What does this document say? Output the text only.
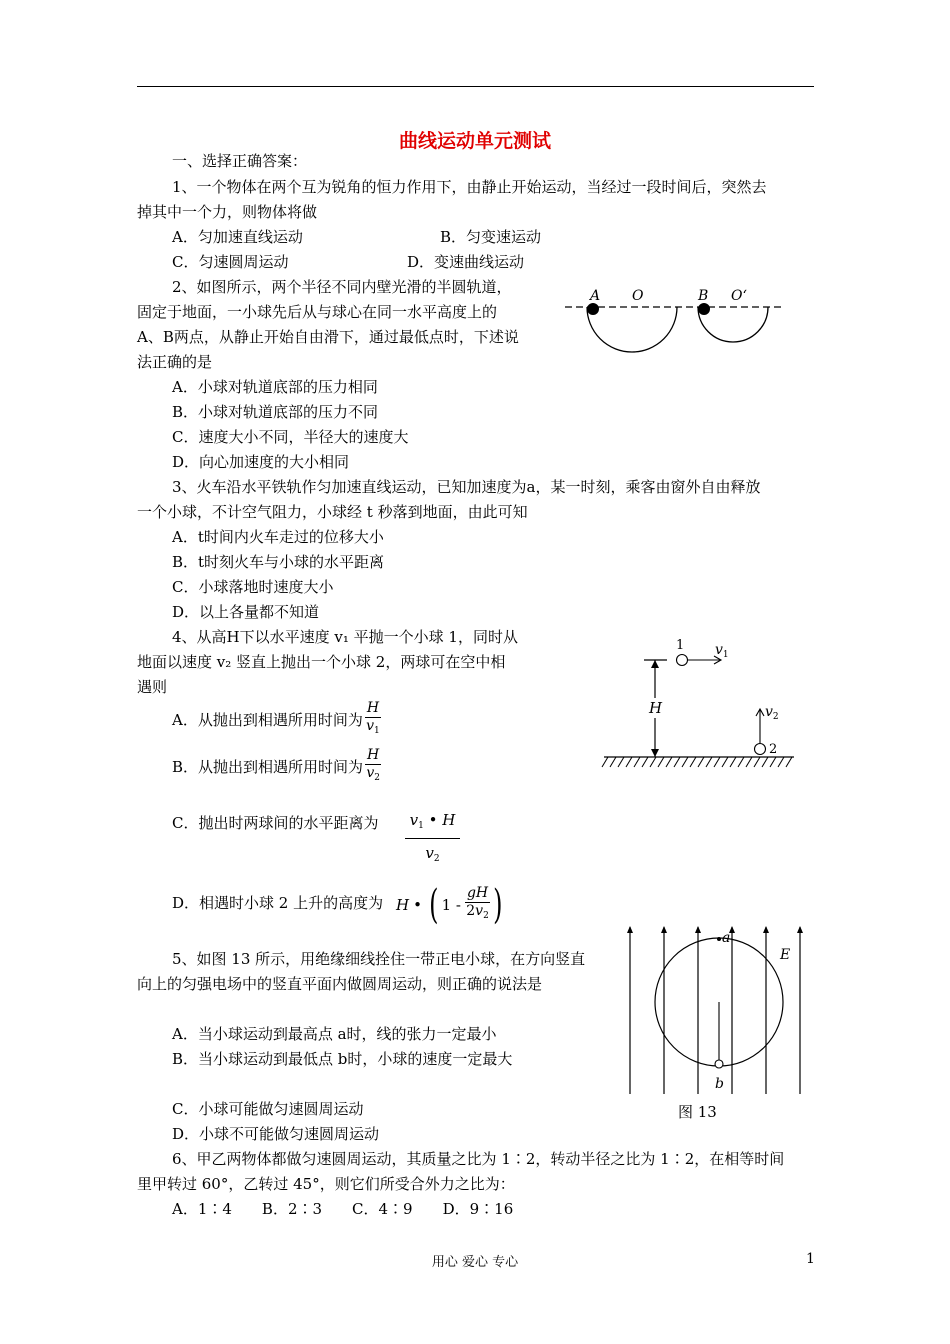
曲线运动单元测试
一、选择正确答案：
1、一个物体在两个互为锐角的恒力作用下，由静止开始运动，当经过一段时间后，突然去
掉其中一个力，则物体将做
A．匀加速直线运动	B．匀变速运动
C．匀速圆周运动	D．变速曲线运动
2、如图所示，两个半径不同内壁光滑的半圆轨道，
固定于地面，一小球先后从与球心在同一水平高度上的
A、B两点，从静止开始自由滑下，通过最低点时，下述说
法正确的是
A．小球对轨道底部的压力相同
B．小球对轨道底部的压力不同
C．速度大小不同，半径大的速度大
D．向心加速度的大小相同
A O	B O‘
3、火车沿水平铁轨作匀加速直线运动，已知加速度为a，某一时刻，乘客由窗外自由释放
一个小球，不计空气阻力，小球经 t 秒落到地面，由此可知
A．t时间内火车走过的位移大小
B．t时刻火车与小球的水平距离
C．小球落地时速度大小
D．以上各量都不知道
4、从高H下以水平速度 v₁ 平抛一个小球 1，同时从
地面以速度 v₂ 竖直上抛出一个小球 2，两球可在空中相
遇则
A．从抛出到相遇所用时间为 $\frac{H}{v_1}$
B．从抛出到相遇所用时间为 $\frac{H}{v_2}$
C．抛出时两球间的水平距离为	$v_1$ • H
$v_2$
D．相遇时小球 2 上升的高度为 H • ( $1 - \frac{gH}{2v_2}$ )
H
1 $v_1$
2
$v_2$
5、如图 13 所示，用绝缘细线拴住一带正电小球，在方向竖直
向上的匀强电场中的竖直平面内做圆周运动，则正确的说法是
A．当小球运动到最高点 a时，线的张力一定最小
B．当小球运动到最低点 b时，小球的速度一定最大
C．小球可能做匀速圆周运动
D．小球不可能做匀速圆周运动
a
b
E
图 13
6、甲乙两物体都做匀速圆周运动，其质量之比为 1∶2，转动半径之比为 1∶2，在相等时间
里甲转过 60°，乙转过 45°，则它们所受合外力之比为：
A．1∶4　　B．2∶3　　C．4∶9　　D．9∶16
用心 爱心 专心	1
